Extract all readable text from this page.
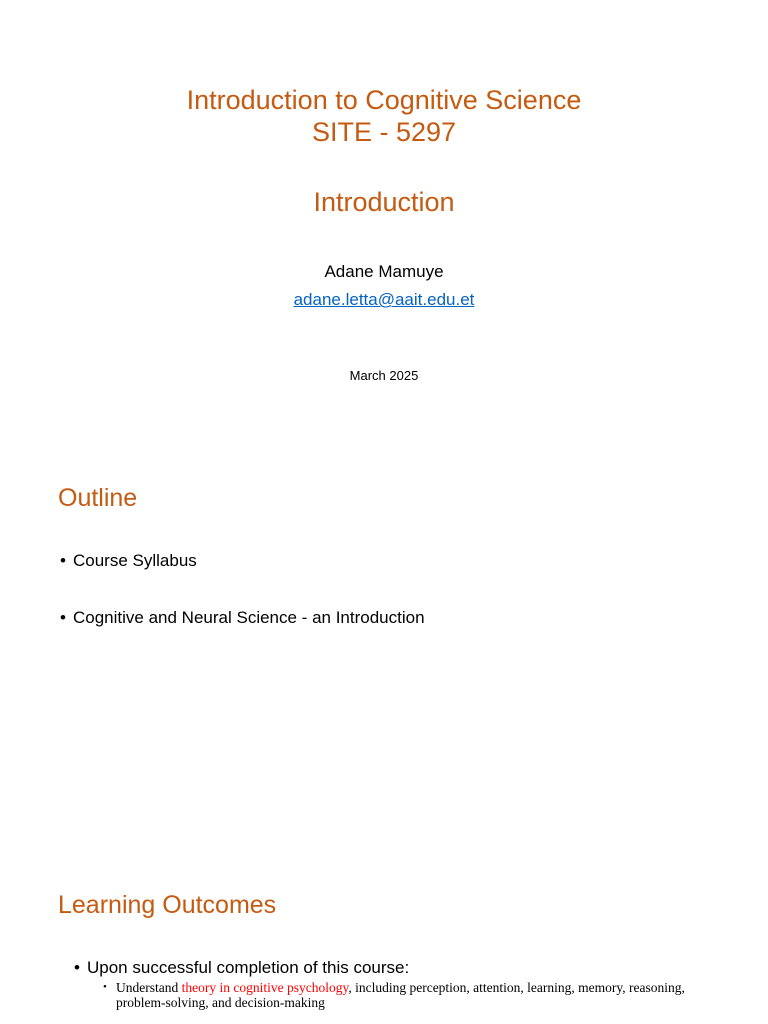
Introduction to Cognitive Science

SITE - 5297

Introduction

Adane Mamuye
adane.letta@aait.edu.et
March 2025
Outline
• Course Syllabus
• Cognitive and Neural Science - an Introduction
Learning Outcomes
• Upon successful completion of this course:
• Understand theory in cognitive psychology, including perception, attention, learning, memory, reasoning, problem-solving, and decision-making
